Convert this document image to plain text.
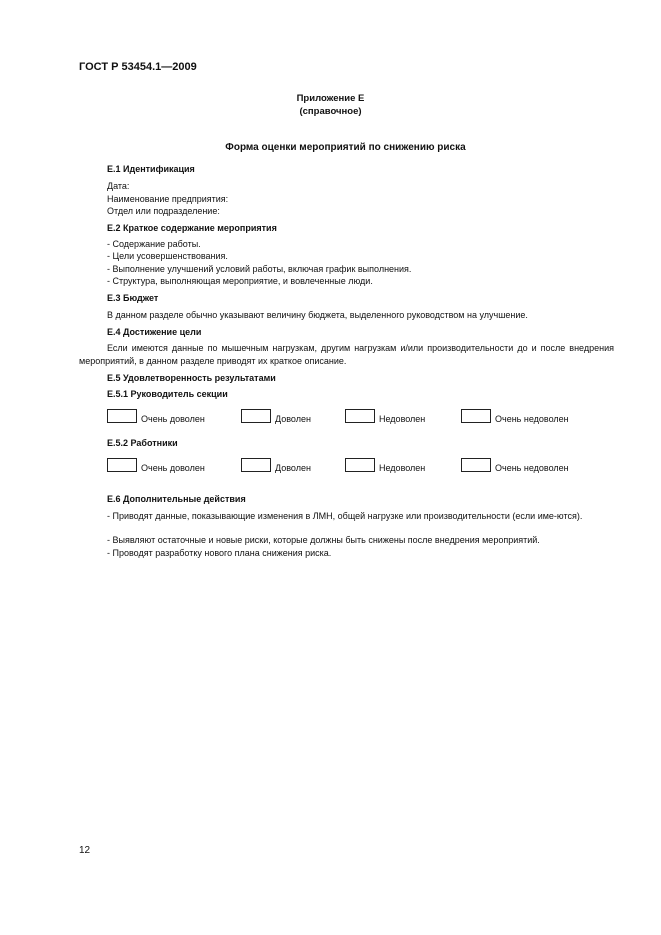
ГОСТ Р 53454.1—2009
Приложение Е
(справочное)
Форма оценки мероприятий по снижению риска
Е.1 Идентификация
Дата:
Наименование предприятия:
Отдел или подразделение:
Е.2 Краткое содержание мероприятия
- Содержание работы.
- Цели усовершенствования.
- Выполнение улучшений условий работы, включая график выполнения.
- Структура, выполняющая мероприятие, и вовлеченные люди.
Е.3 Бюджет
В данном разделе обычно указывают величину бюджета, выделенного руководством на улучшение.
Е.4 Достижение цели
Если имеются данные по мышечным нагрузкам, другим нагрузкам и/или производительности до и после внедрения мероприятий, в данном разделе приводят их краткое описание.
Е.5 Удовлетворенность результатами
Е.5.1 Руководитель секции
Очень доволен	Доволен	Недоволен	Очень недоволен
Е.5.2 Работники
Очень доволен	Доволен	Недоволен	Очень недоволен
Е.6 Дополнительные действия
- Приводят данные, показывающие изменения в ЛМН, общей нагрузке или производительности (если име-ются).
- Выявляют остаточные и новые риски, которые должны быть снижены после внедрения мероприятий.
- Проводят разработку нового плана снижения риска.
12
